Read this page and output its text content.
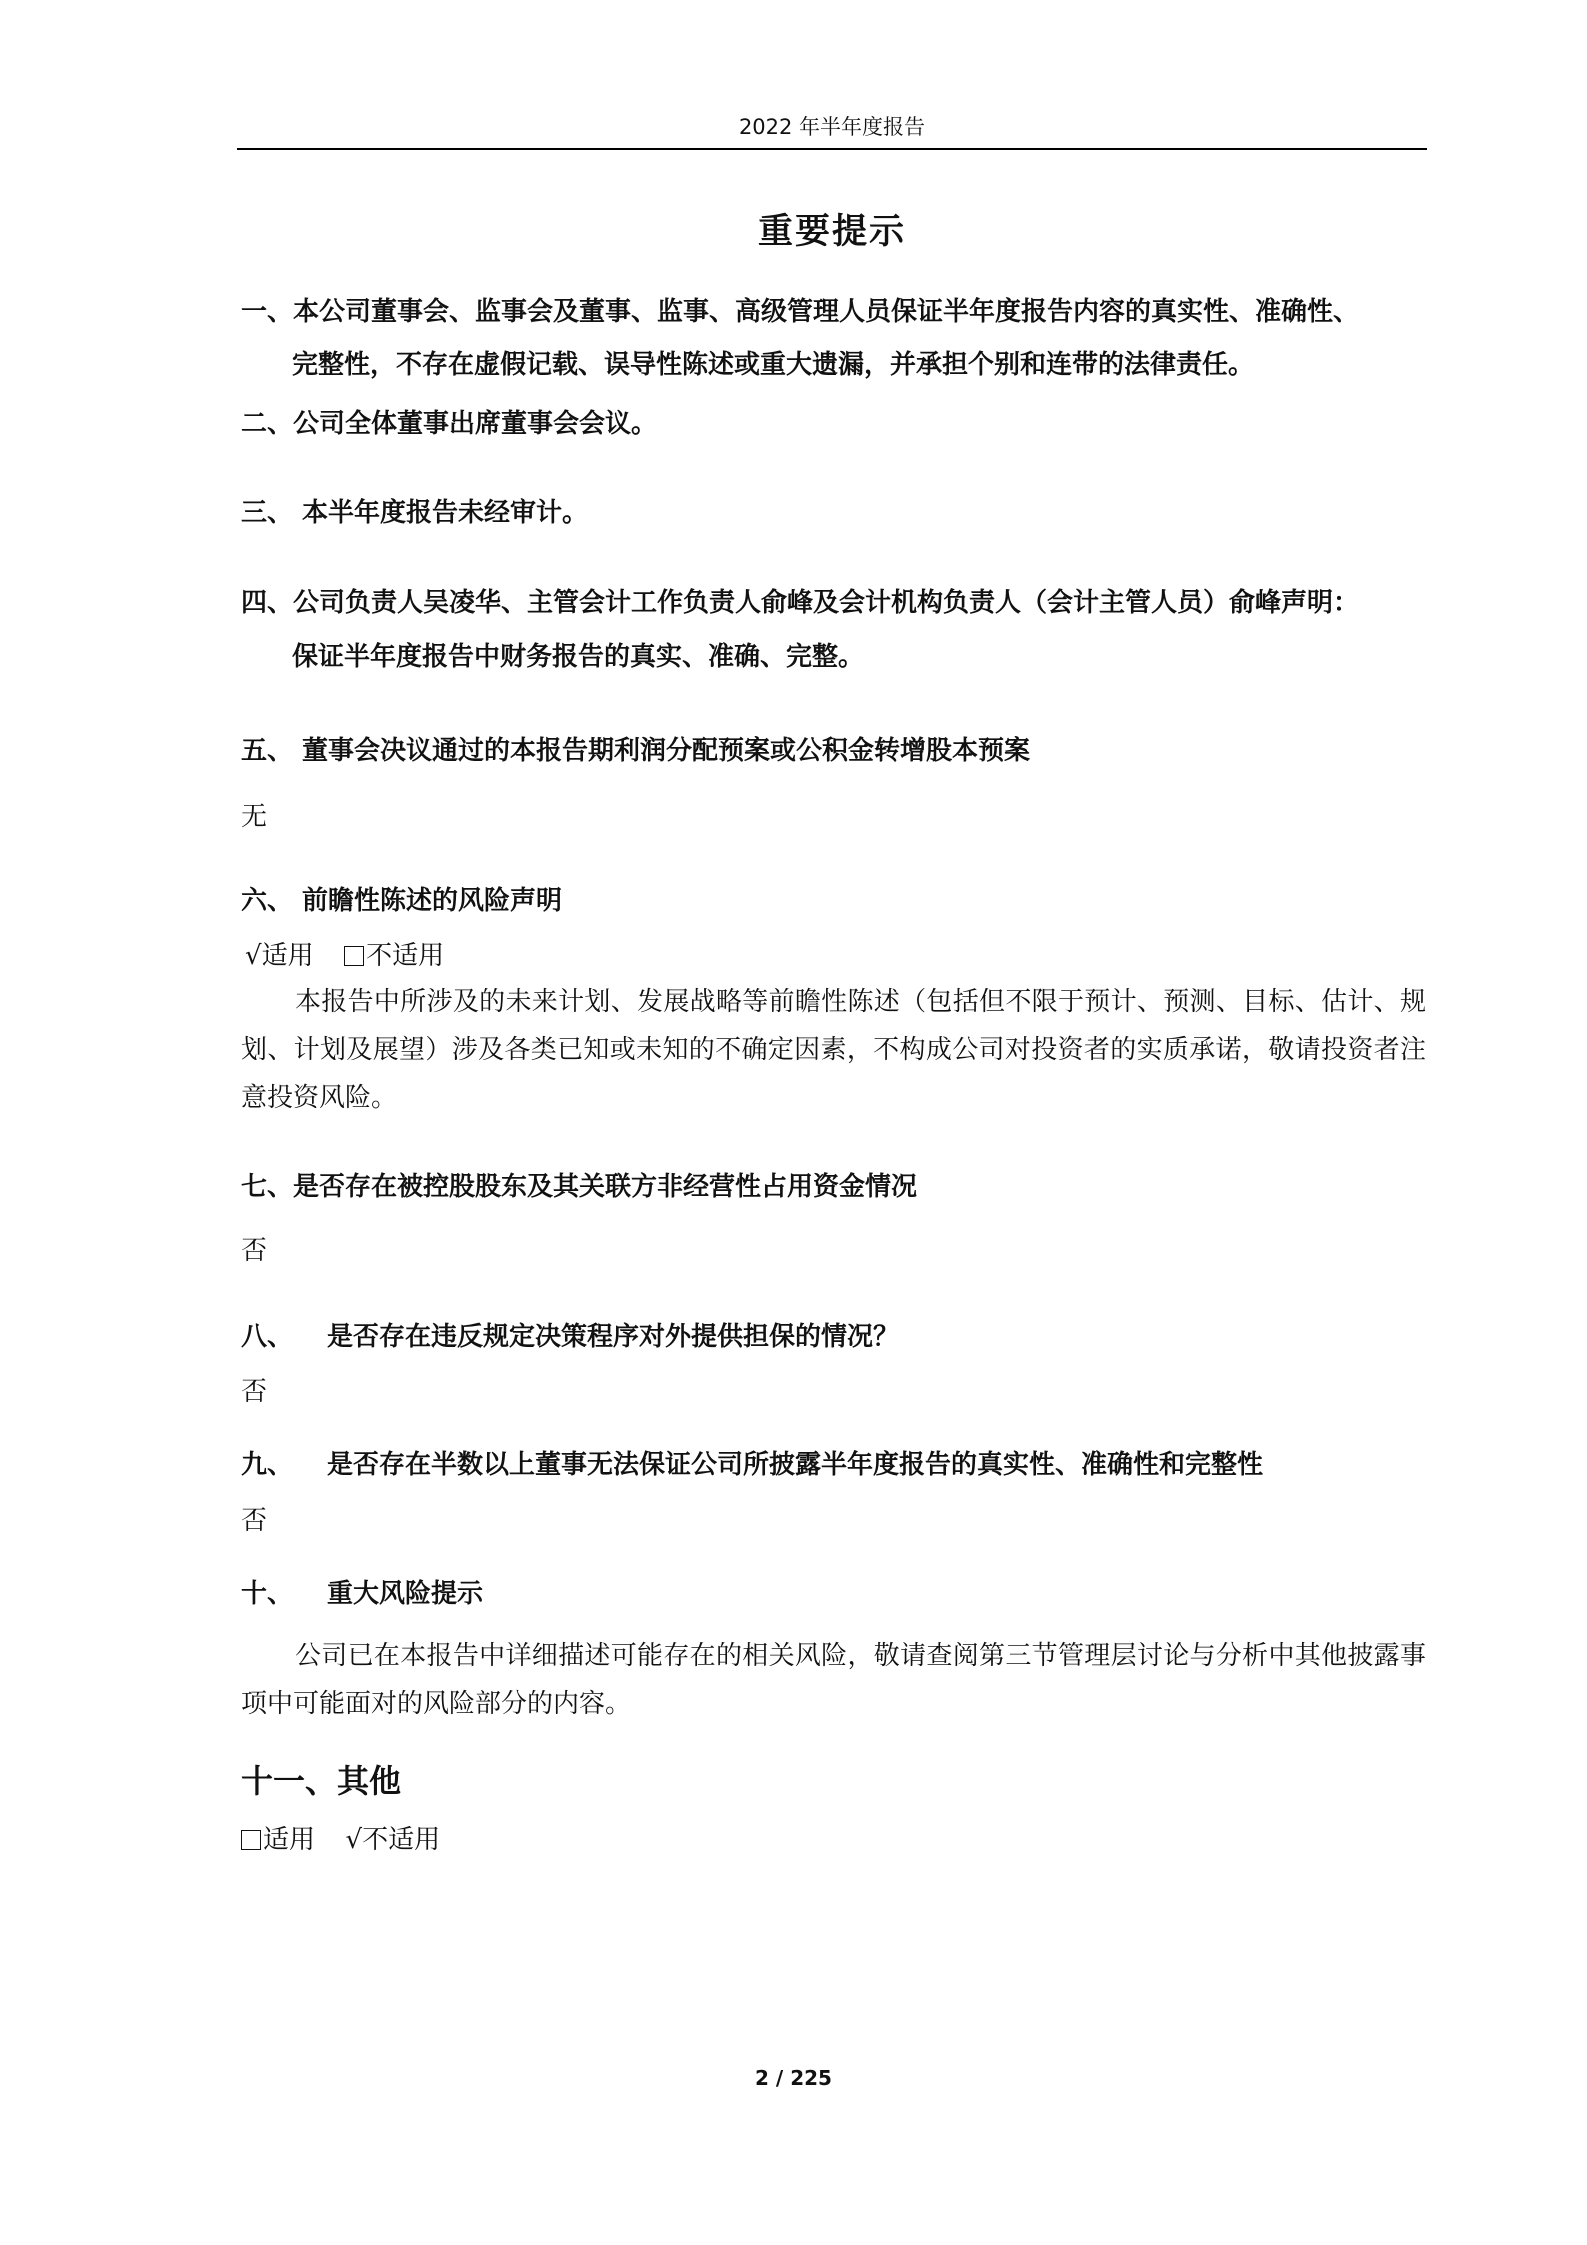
2022 年半年度报告
重要提示
一、本公司董事会、监事会及董事、监事、高级管理人员保证半年度报告内容的真实性、准确性、
完整性，不存在虚假记载、误导性陈述或重大遗漏，并承担个别和连带的法律责任。
二、公司全体董事出席董事会会议。
三、 本半年度报告未经审计。
四、公司负责人吴凌华、主管会计工作负责人俞峰及会计机构负责人（会计主管人员）俞峰声明：
保证半年度报告中财务报告的真实、准确、完整。
五、 董事会决议通过的本报告期利润分配预案或公积金转增股本预案
无
六、 前瞻性陈述的风险声明
√适用 不适用
本报告中所涉及的未来计划、发展战略等前瞻性陈述（包括但不限于预计、预测、目标、估计、规划、计划及展望）涉及各类已知或未知的不确定因素，不构成公司对投资者的实质承诺，敬请投资者注意投资风险。
七、是否存在被控股股东及其关联方非经营性占用资金情况
否
八、 是否存在违反规定决策程序对外提供担保的情况？
否
九、 是否存在半数以上董事无法保证公司所披露半年度报告的真实性、准确性和完整性
否
十、 重大风险提示
公司已在本报告中详细描述可能存在的相关风险，敬请查阅第三节管理层讨论与分析中其他披露事项中可能面对的风险部分的内容。
十一、其他
适用 √不适用
2 / 225
